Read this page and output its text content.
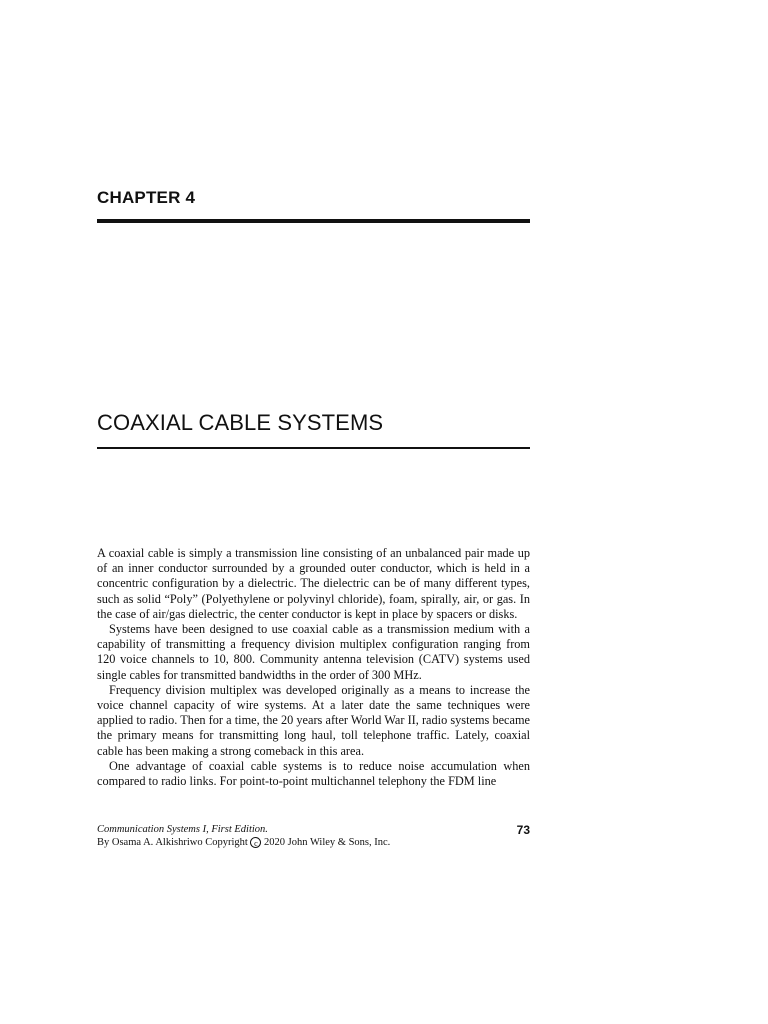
CHAPTER 4
COAXIAL CABLE SYSTEMS

A coaxial cable is simply a transmission line consisting of an unbalanced pair made up of an inner conductor surrounded by a grounded outer conductor, which is held in a concentric configuration by a dielectric. The dielectric can be of many different types, such as solid “Poly” (Polyethylene or polyvinyl chloride), foam, spirally, air, or gas. In the case of air/gas dielectric, the center conductor is kept in place by spacers or disks.

Systems have been designed to use coaxial cable as a transmission medium with a capability of transmitting a frequency division multiplex configuration ranging from 120 voice channels to 10, 800. Community antenna television (CATV) systems used single cables for transmitted bandwidths in the order of 300 MHz.

Frequency division multiplex was developed originally as a means to increase the voice channel capacity of wire systems. At a later date the same techniques were applied to radio. Then for a time, the 20 years after World War II, radio systems became the primary means for transmitting long haul, toll telephone traffic. Lately, coaxial cable has been making a strong comeback in this area.

One advantage of coaxial cable systems is to reduce noise accumulation when compared to radio links. For point-to-point multichannel telephony the FDM line

Communication Systems I, First Edition.
By Osama A. Alkishriwo Copyright c 2020 John Wiley & Sons, Inc.
73
